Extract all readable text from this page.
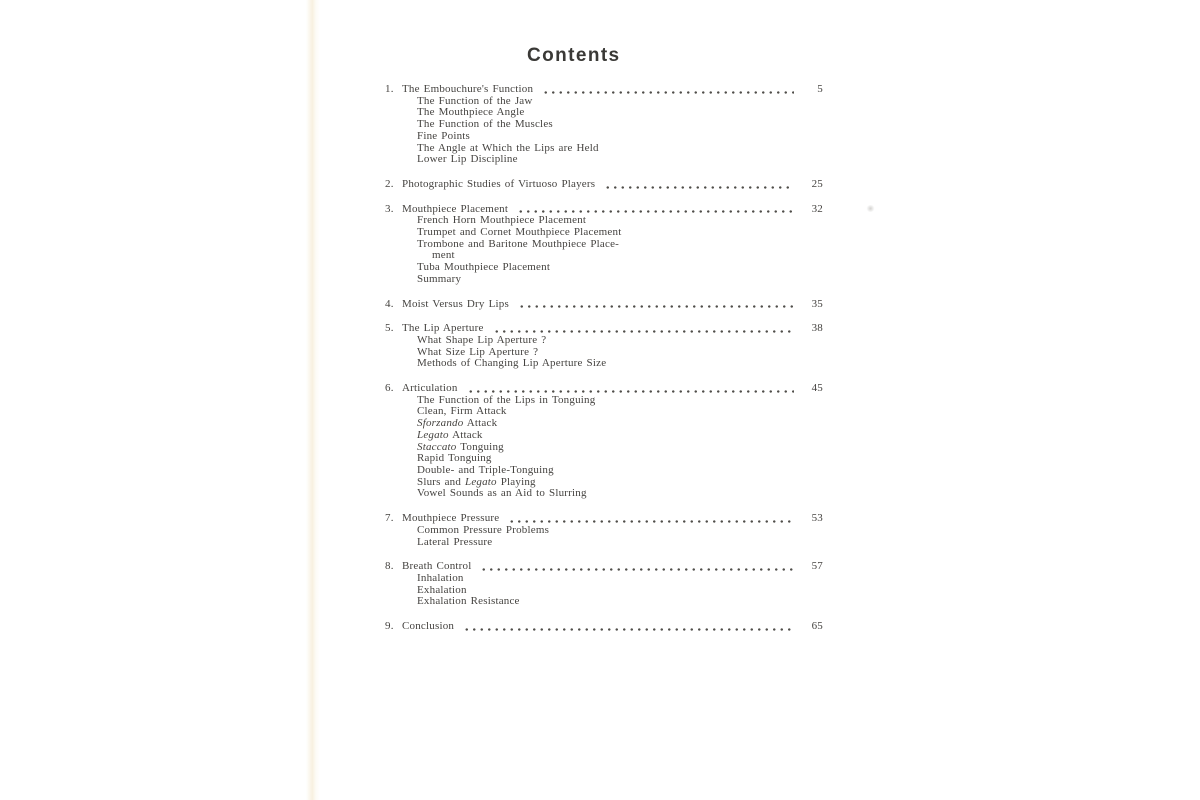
Contents
1. The Embouchure's Function	5
The Function of the Jaw
The Mouthpiece Angle
The Function of the Muscles
Fine Points
The Angle at Which the Lips are Held
Lower Lip Discipline
2. Photographic Studies of Virtuoso Players	25
3. Mouthpiece Placement	32
French Horn Mouthpiece Placement
Trumpet and Cornet Mouthpiece Placement
Trombone and Baritone Mouthpiece Place-
ment
Tuba Mouthpiece Placement
Summary
4. Moist Versus Dry Lips	35
5. The Lip Aperture	38
What Shape Lip Aperture ?
What Size Lip Aperture ?
Methods of Changing Lip Aperture Size
6. Articulation	45
The Function of the Lips in Tonguing
Clean, Firm Attack
Sforzando Attack
Legato Attack
Staccato Tonguing
Rapid Tonguing
Double- and Triple-Tonguing
Slurs and Legato Playing
Vowel Sounds as an Aid to Slurring
7. Mouthpiece Pressure	53
Common Pressure Problems
Lateral Pressure
8. Breath Control	57
Inhalation
Exhalation
Exhalation Resistance
9. Conclusion	65
